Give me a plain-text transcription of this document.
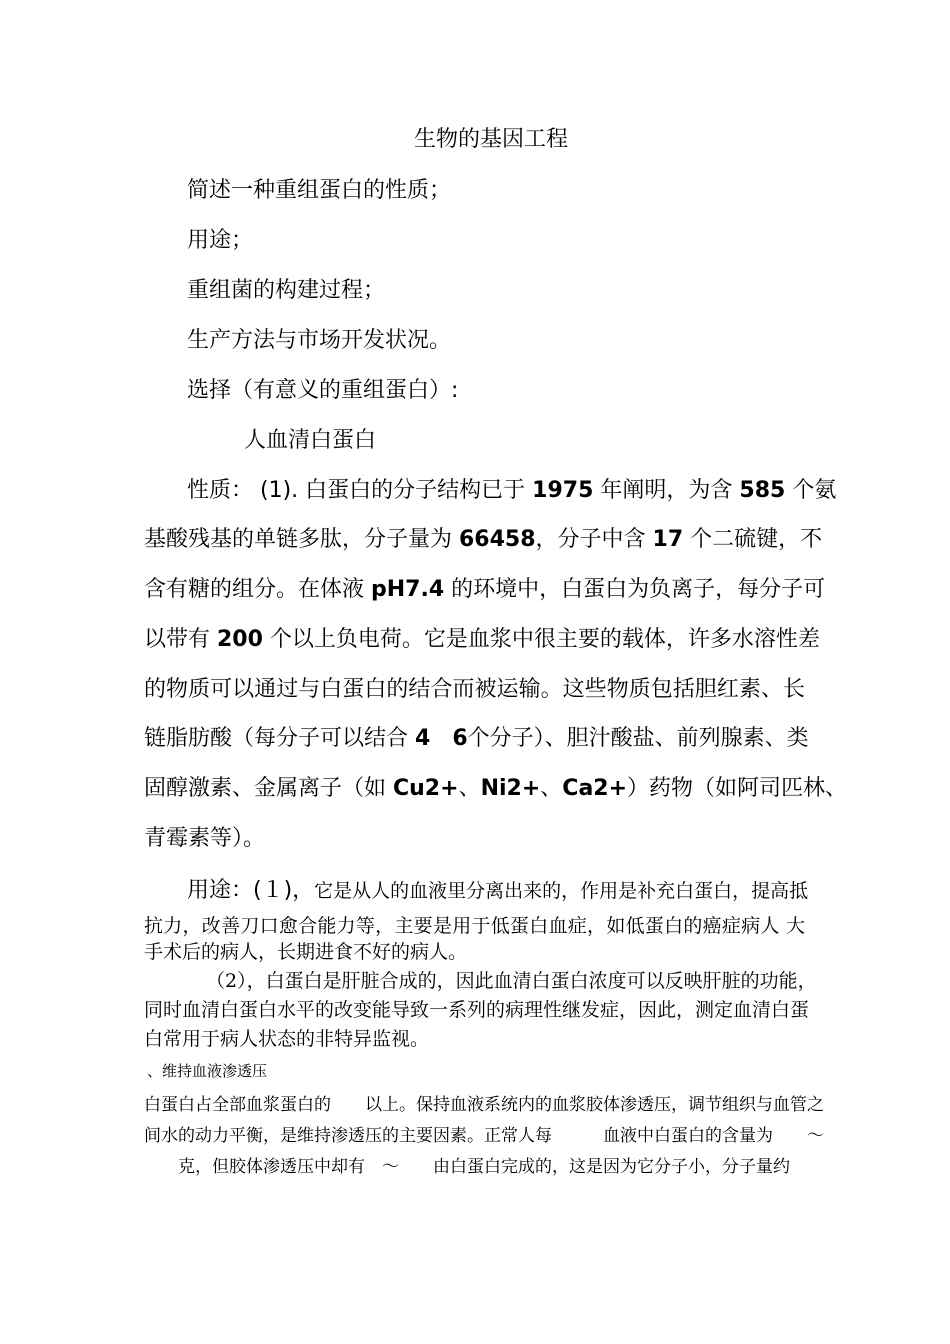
生物的基因工程
简述一种重组蛋白的性质；
用途；
重组菌的构建过程；
生产方法与市场开发状况。
选择（有意义的重组蛋白）:
人血清白蛋白
性质： (1). 白蛋白的分子结构已于 1975 年阐明，为含 585 个氨
基酸残基的单链多肽，分子量为 66458，分子中含 17 个二硫键，不
含有糖的组分。在体液 pH7.4 的环境中，白蛋白为负离子，每分子可
以带有 200 个以上负电荷。它是血浆中很主要的载体，许多水溶性差
的物质可以通过与白蛋白的结合而被运输。这些物质包括胆红素、长
链脂肪酸（每分子可以结合 4　 6个分子）、胆汁酸盐、前列腺素、类
固醇激素、金属离子（如 Cu2+、Ni2+、Ca2+）药物（如阿司匹林、
青霉素等）。
用途：(１)，它是从人的血液里分离出来的，作用是补充白蛋白，提高抵
抗力，改善刀口愈合能力等，主要是用于低蛋白血症，如低蛋白的癌症病人 大
手术后的病人，长期进食不好的病人。
（2），白蛋白是肝脏合成的，因此血清白蛋白浓度可以反映肝脏的功能，
同时血清白蛋白水平的改变能导致一系列的病理性继发症，因此，测定血清白蛋
白常用于病人状态的非特异监视。
、维持血液渗透压
白蛋白占全部血浆蛋白的　　以上。保持血液系统内的血浆胶体渗透压，调节组织与血管之
间水的动力平衡，是维持渗透压的主要因素。正常人每　　　血液中白蛋白的含量为　　～
　　克，但胶体渗透压中却有　～　　由白蛋白完成的，这是因为它分子小，分子量约
